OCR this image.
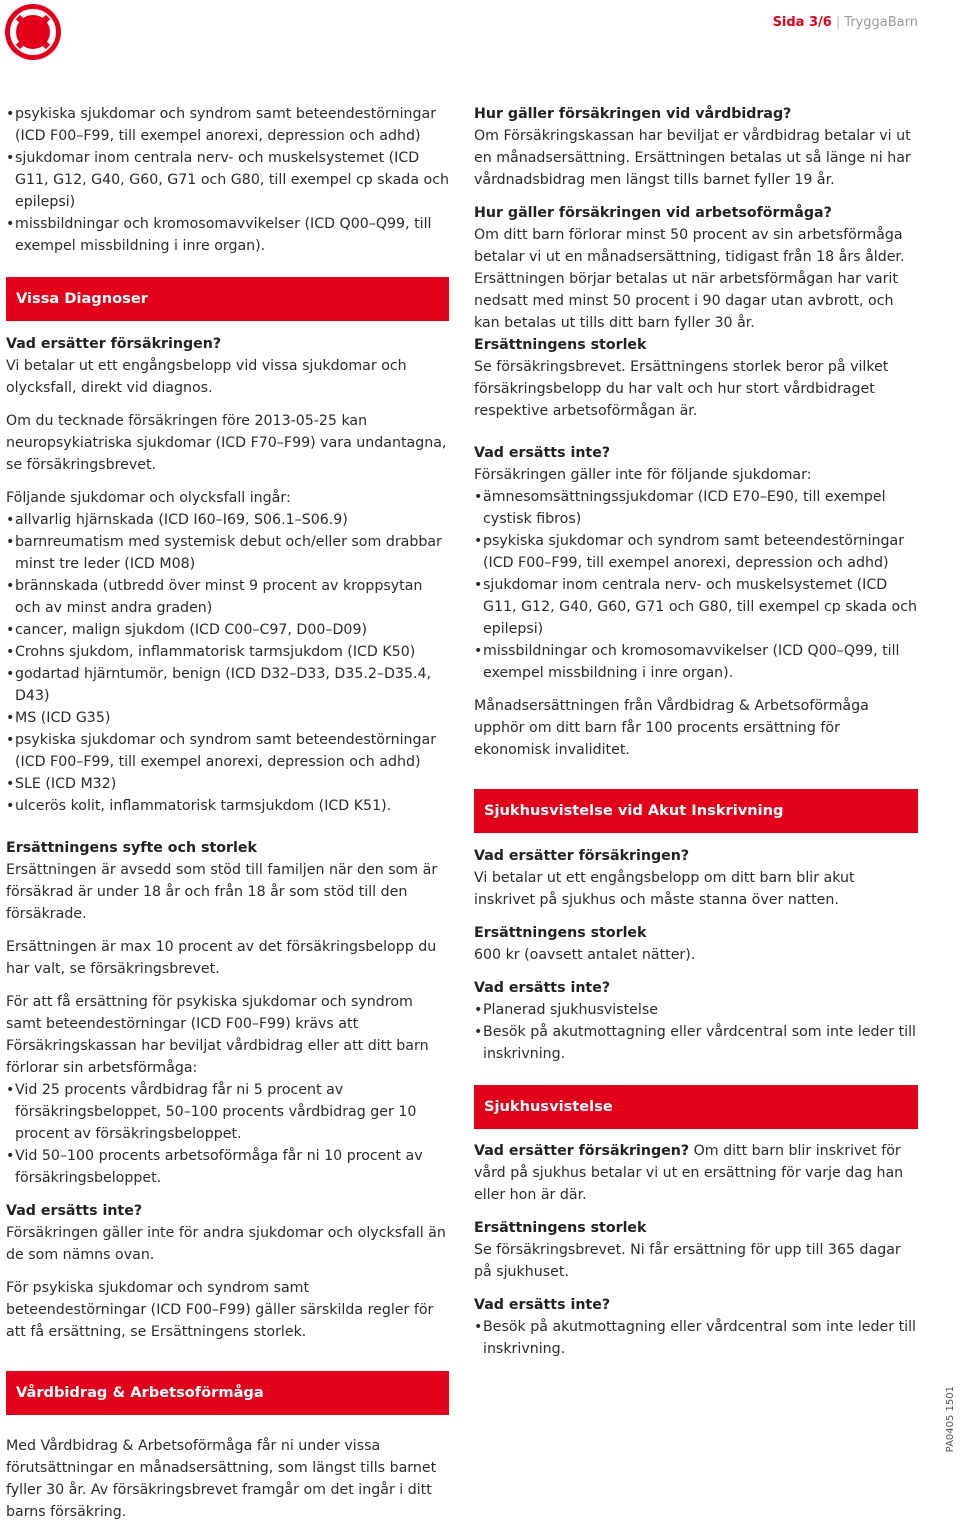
Sida 3/6 | TryggaBarn
• psykiska sjukdomar och syndrom samt beteendestörningar (ICD F00–F99, till exempel anorexi, depression och adhd)
• sjukdomar inom centrala nerv- och muskelsystemet (ICD G11, G12, G40, G60, G71 och G80, till exempel cp skada och epilepsi)
• missbildningar och kromosomavvikelser (ICD Q00–Q99, till exempel missbildning i inre organ).
Vissa Diagnoser

Vad ersätter försäkringen?

Vi betalar ut ett engångsbelopp vid vissa sjukdomar och olycksfall, direkt vid diagnos.

Om du tecknade försäkringen före 2013-05-25 kan neuropsykiatriska sjukdomar (ICD F70–F99) vara undantagna, se försäkringsbrevet.

Följande sjukdomar och olycksfall ingår:

• allvarlig hjärnskada (ICD I60–I69, S06.1–S06.9)
• barnreumatism med systemisk debut och/eller som drabbar minst tre leder (ICD M08)
• brännskada (utbredd över minst 9 procent av kroppsytan och av minst andra graden)
• cancer, malign sjukdom (ICD C00–C97, D00–D09)
• Crohns sjukdom, inflammatorisk tarmsjukdom (ICD K50)
• godartad hjärntumör, benign (ICD D32–D33, D35.2–D35.4, D43)
• MS (ICD G35)
• psykiska sjukdomar och syndrom samt beteendestörningar (ICD F00–F99, till exempel anorexi, depression och adhd)
• SLE (ICD M32)
• ulcerös kolit, inflammatorisk tarmsjukdom (ICD K51).

Ersättningens syfte och storlek

Ersättningen är avsedd som stöd till familjen när den som är försäkrad är under 18 år och från 18 år som stöd till den försäkrade.

Ersättningen är max 10 procent av det försäkringsbelopp du har valt, se försäkringsbrevet.

För att få ersättning för psykiska sjukdomar och syndrom samt beteendestörningar (ICD F00–F99) krävs att Försäkringskassan har beviljat vårdbidrag eller att ditt barn förlorar sin arbetsförmåga:

• Vid 25 procents vårdbidrag får ni 5 procent av försäkringsbeloppet, 50–100 procents vårdbidrag ger 10 procent av försäkringsbeloppet.
• Vid 50–100 procents arbetsoförmåga får ni 10 procent av försäkringsbeloppet.

Vad ersätts inte?

Försäkringen gäller inte för andra sjukdomar och olycksfall än de som nämns ovan.

För psykiska sjukdomar och syndrom samt beteendestörningar (ICD F00–F99) gäller särskilda regler för att få ersättning, se Ersättningens storlek.

Vårdbidrag & Arbetsoförmåga

Med Vårdbidrag & Arbetsoförmåga får ni under vissa förutsättningar en månadsersättning, som längst tills barnet fyller 30 år. Av försäkringsbrevet framgår om det ingår i ditt barns försäkring.

Hur gäller försäkringen vid vårdbidrag?

Om Försäkringskassan har beviljat er vårdbidrag betalar vi ut en månadsersättning. Ersättningen betalas ut så länge ni har vårdnadsbidrag men längst tills barnet fyller 19 år.

Hur gäller försäkringen vid arbetsoförmåga?

Om ditt barn förlorar minst 50 procent av sin arbetsförmåga betalar vi ut en månadsersättning, tidigast från 18 års ålder. Ersättningen börjar betalas ut när arbetsförmågan har varit nedsatt med minst 50 procent i 90 dagar utan avbrott, och kan betalas ut tills ditt barn fyller 30 år.

Ersättningens storlek

Se försäkringsbrevet. Ersättningens storlek beror på vilket försäkringsbelopp du har valt och hur stort vårdbidraget respektive arbetsoförmågan är.

Vad ersätts inte?

Försäkringen gäller inte för följande sjukdomar:

• ämnesomsättningssjukdomar (ICD E70–E90, till exempel cystisk fibros)
• psykiska sjukdomar och syndrom samt beteendestörningar (ICD F00–F99, till exempel anorexi, depression och adhd)
• sjukdomar inom centrala nerv- och muskelsystemet (ICD G11, G12, G40, G60, G71 och G80, till exempel cp skada och epilepsi)
• missbildningar och kromosomavvikelser (ICD Q00–Q99, till exempel missbildning i inre organ).

Månadsersättningen från Vårdbidrag & Arbetsoförmåga upphör om ditt barn får 100 procents ersättning för ekonomisk invaliditet.

Sjukhusvistelse vid Akut Inskrivning

Vad ersätter försäkringen?

Vi betalar ut ett engångsbelopp om ditt barn blir akut inskrivet på sjukhus och måste stanna över natten.

Ersättningens storlek

600 kr (oavsett antalet nätter).

Vad ersätts inte?

• Planerad sjukhusvistelse
• Besök på akutmottagning eller vårdcentral som inte leder till inskrivning.
Sjukhusvistelse

Vad ersätter försäkringen? Om ditt barn blir inskrivet för vård på sjukhus betalar vi ut en ersättning för varje dag han eller hon är där.

Ersättningens storlek

Se försäkringsbrevet. Ni får ersättning för upp till 365 dagar på sjukhuset.

Vad ersätts inte?

• Besök på akutmottagning eller vårdcentral som inte leder till inskrivning.
PA0405 1501
